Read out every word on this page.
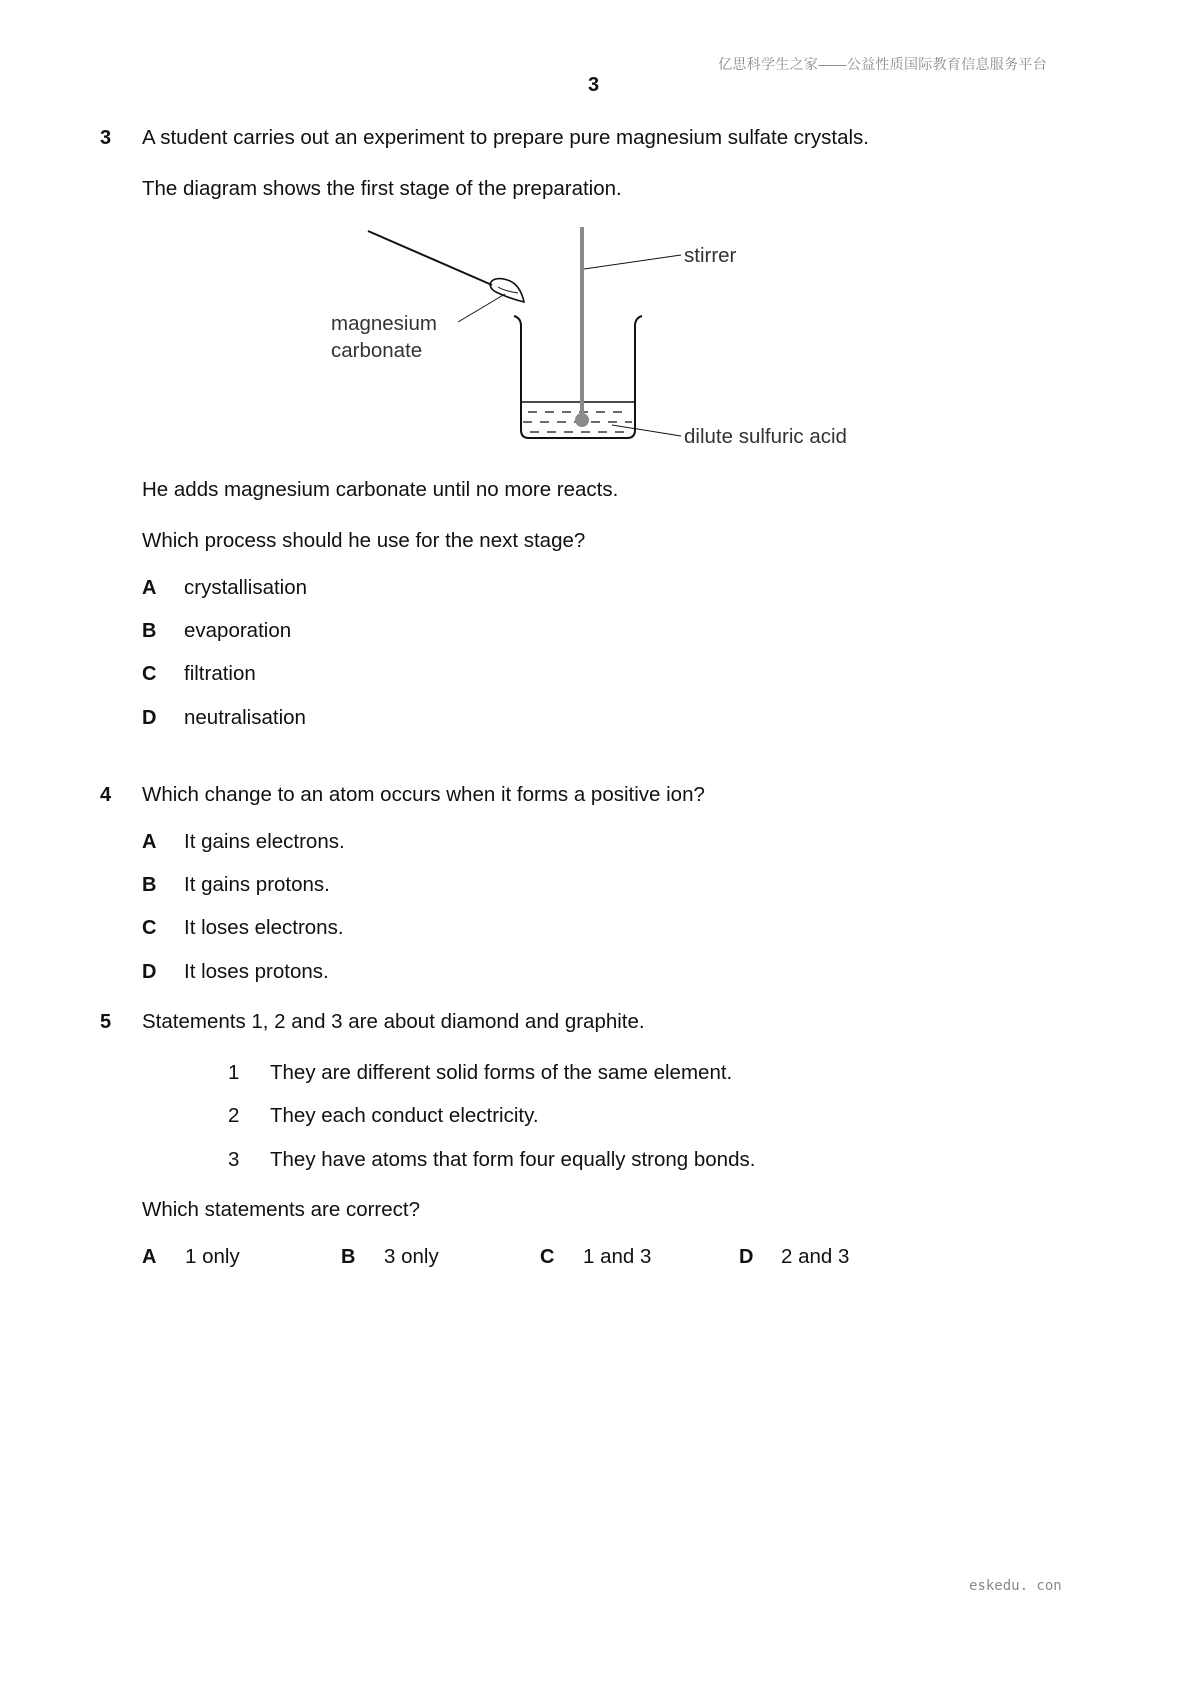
亿思科学生之家——公益性质国际教育信息服务平台
3
3 A student carries out an experiment to prepare pure magnesium sulfate crystals.
The diagram shows the first stage of the preparation.
stirrer
magnesium
carbonate
dilute sulfuric acid
He adds magnesium carbonate until no more reacts.
Which process should he use for the next stage?
A crystallisation
B evaporation
C filtration
D neutralisation
4 Which change to an atom occurs when it forms a positive ion?
A It gains electrons.
B It gains protons.
C It loses electrons.
D It loses protons.
5 Statements 1, 2 and 3 are about diamond and graphite.
1 They are different solid forms of the same element.
2 They each conduct electricity.
3 They have atoms that form four equally strong bonds.
Which statements are correct?
A 1 only	B 3 only	C 1 and 3	D 2 and 3
eskedu. con
